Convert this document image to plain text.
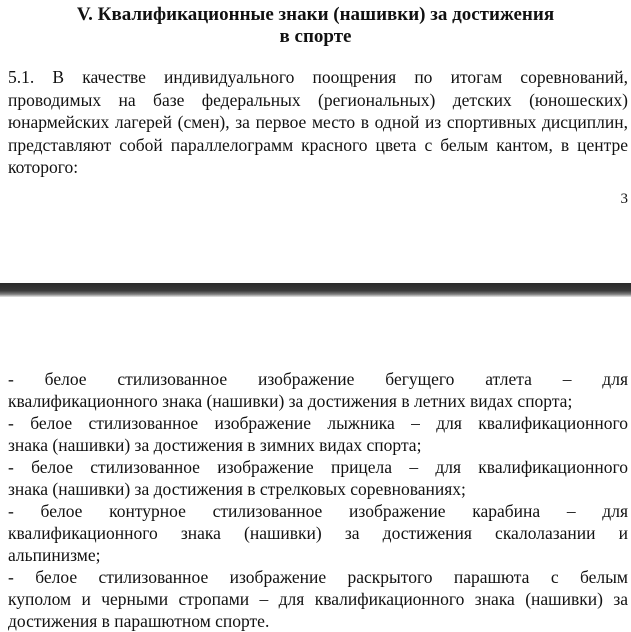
V. Квалификационные знаки (нашивки) за достижения
в спорте
5.1. В качестве индивидуального поощрения по итогам соревнований,
проводимых на базе федеральных (региональных) детских (юношеских)
юнармейских лагерей (смен), за первое место в одной из спортивных дисциплин,
представляют собой параллелограмм красного цвета с белым кантом, в центре
которого:
3
- белое стилизованное изображение бегущего атлета – для
квалификационного знака (нашивки) за достижения в летних видах спорта;
- белое стилизованное изображение лыжника – для квалификационного
знака (нашивки) за достижения в зимних видах спорта;
- белое стилизованное изображение прицела – для квалификационного
знака (нашивки) за достижения в стрелковых соревнованиях;
- белое контурное стилизованное изображение карабина – для
квалификационного знака (нашивки) за достижения скалолазании и
альпинизме;
- белое стилизованное изображение раскрытого парашюта с белым
куполом и черными стропами – для квалификационного знака (нашивки) за
достижения в парашютном спорте.
